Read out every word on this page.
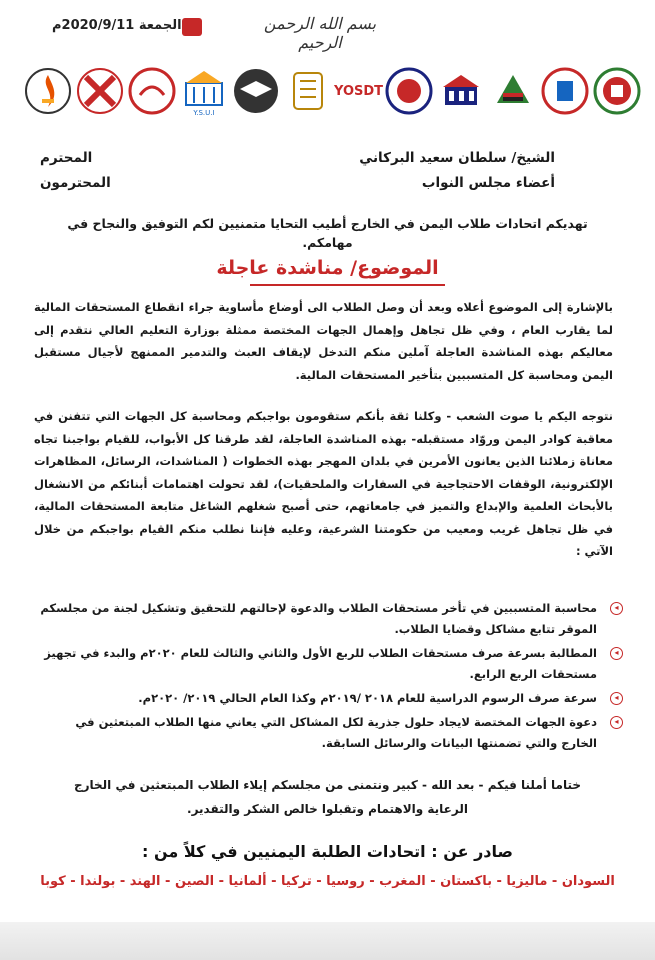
الجمعة 2020/9/11م	بسم الله الرحمن الرحيم
Y.S.U.I
YOSDT
الشيخ/ سلطان سعيد البركاني
المحترم
أعضاء مجلس النواب
المحترمون
تهديكم اتحادات طلاب اليمن في الخارج أطيب التحايا متمنيين لكم التوفيق والنجاح في مهامكم.
الموضوع/ مناشدة عاجلة
بالإشارة إلى الموضوع أعلاه وبعد أن وصل الطلاب الى أوضاع مأساوية جراء انقطاع المستحقات المالية لما يقارب العام ، وفي ظل تجاهل وإهمال الجهات المختصة ممثلة بوزارة التعليم العالي نتقدم إلى معاليكم بهذه المناشدة العاجلة آملين منكم التدخل لإيقاف العبث والتدمير الممنهج لأجيال مستقبل اليمن ومحاسبة كل المتسببين بتأخير المستحقات المالية.
نتوجه اليكم يا صوت الشعب - وكلنا ثقة بأنكم ستقومون بواجبكم ومحاسبة كل الجهات التي تتفنن في معاقبة كوادر اليمن وروّاد مستقبله- بهذه المناشدة العاجلة، لقد طرقنا كل الأبواب، للقيام بواجبنا تجاه معاناة زملائنا الذين يعانون الأمرين في بلدان المهجر بهذه الخطوات ( المناشدات، الرسائل، المظاهرات الإلكترونية، الوقفات الاحتجاجية في السفارات والملحقيات)، لقد تحولت اهتمامات أبنائكم من الانشغال بالأبحاث العلمية والإبداع والتميز في جامعاتهم، حتى أصبح شغلهم الشاغل متابعة المستحقات المالية، في ظل تجاهل غريب ومعيب من حكومتنا الشرعية، وعليه فإننا نطلب منكم القيام بواجبكم من خلال الآتي :
◂
محاسبة المتسببين في تأخر مستحقات الطلاب والدعوة لإحالتهم للتحقيق وتشكيل لجنة من مجلسكم الموقر تتابع مشاكل وقضايا الطلاب.
◂
المطالبة بسرعة صرف مستحقات الطلاب للربع الأول والثاني والثالث للعام ٢٠٢٠م والبدء في تجهيز مستحقات الربع الرابع.
◂
سرعة صرف الرسوم الدراسية للعام ٢٠١٨ /٢٠١٩م وكذا العام الحالي ٢٠١٩/ ٢٠٢٠م.
◂
دعوة الجهات المختصة لايجاد حلول جذرية لكل المشاكل التي يعاني منها الطلاب المبتعثين في الخارج والتي تضمنتها البيانات والرسائل السابقة.
ختاما أملنا فيكم - بعد الله - كبير ونتمنى من مجلسكم إيلاء الطلاب المبتعثين في الخارج الرعاية والاهتمام وتقبلوا خالص الشكر والتقدير.
صادر عن : اتحادات الطلبة اليمنيين في كلاً من :
السودان - ماليزيا - باكستان - المغرب - روسيا - تركيا - ألمانيا - الصين - الهند - بولندا - كوبا
